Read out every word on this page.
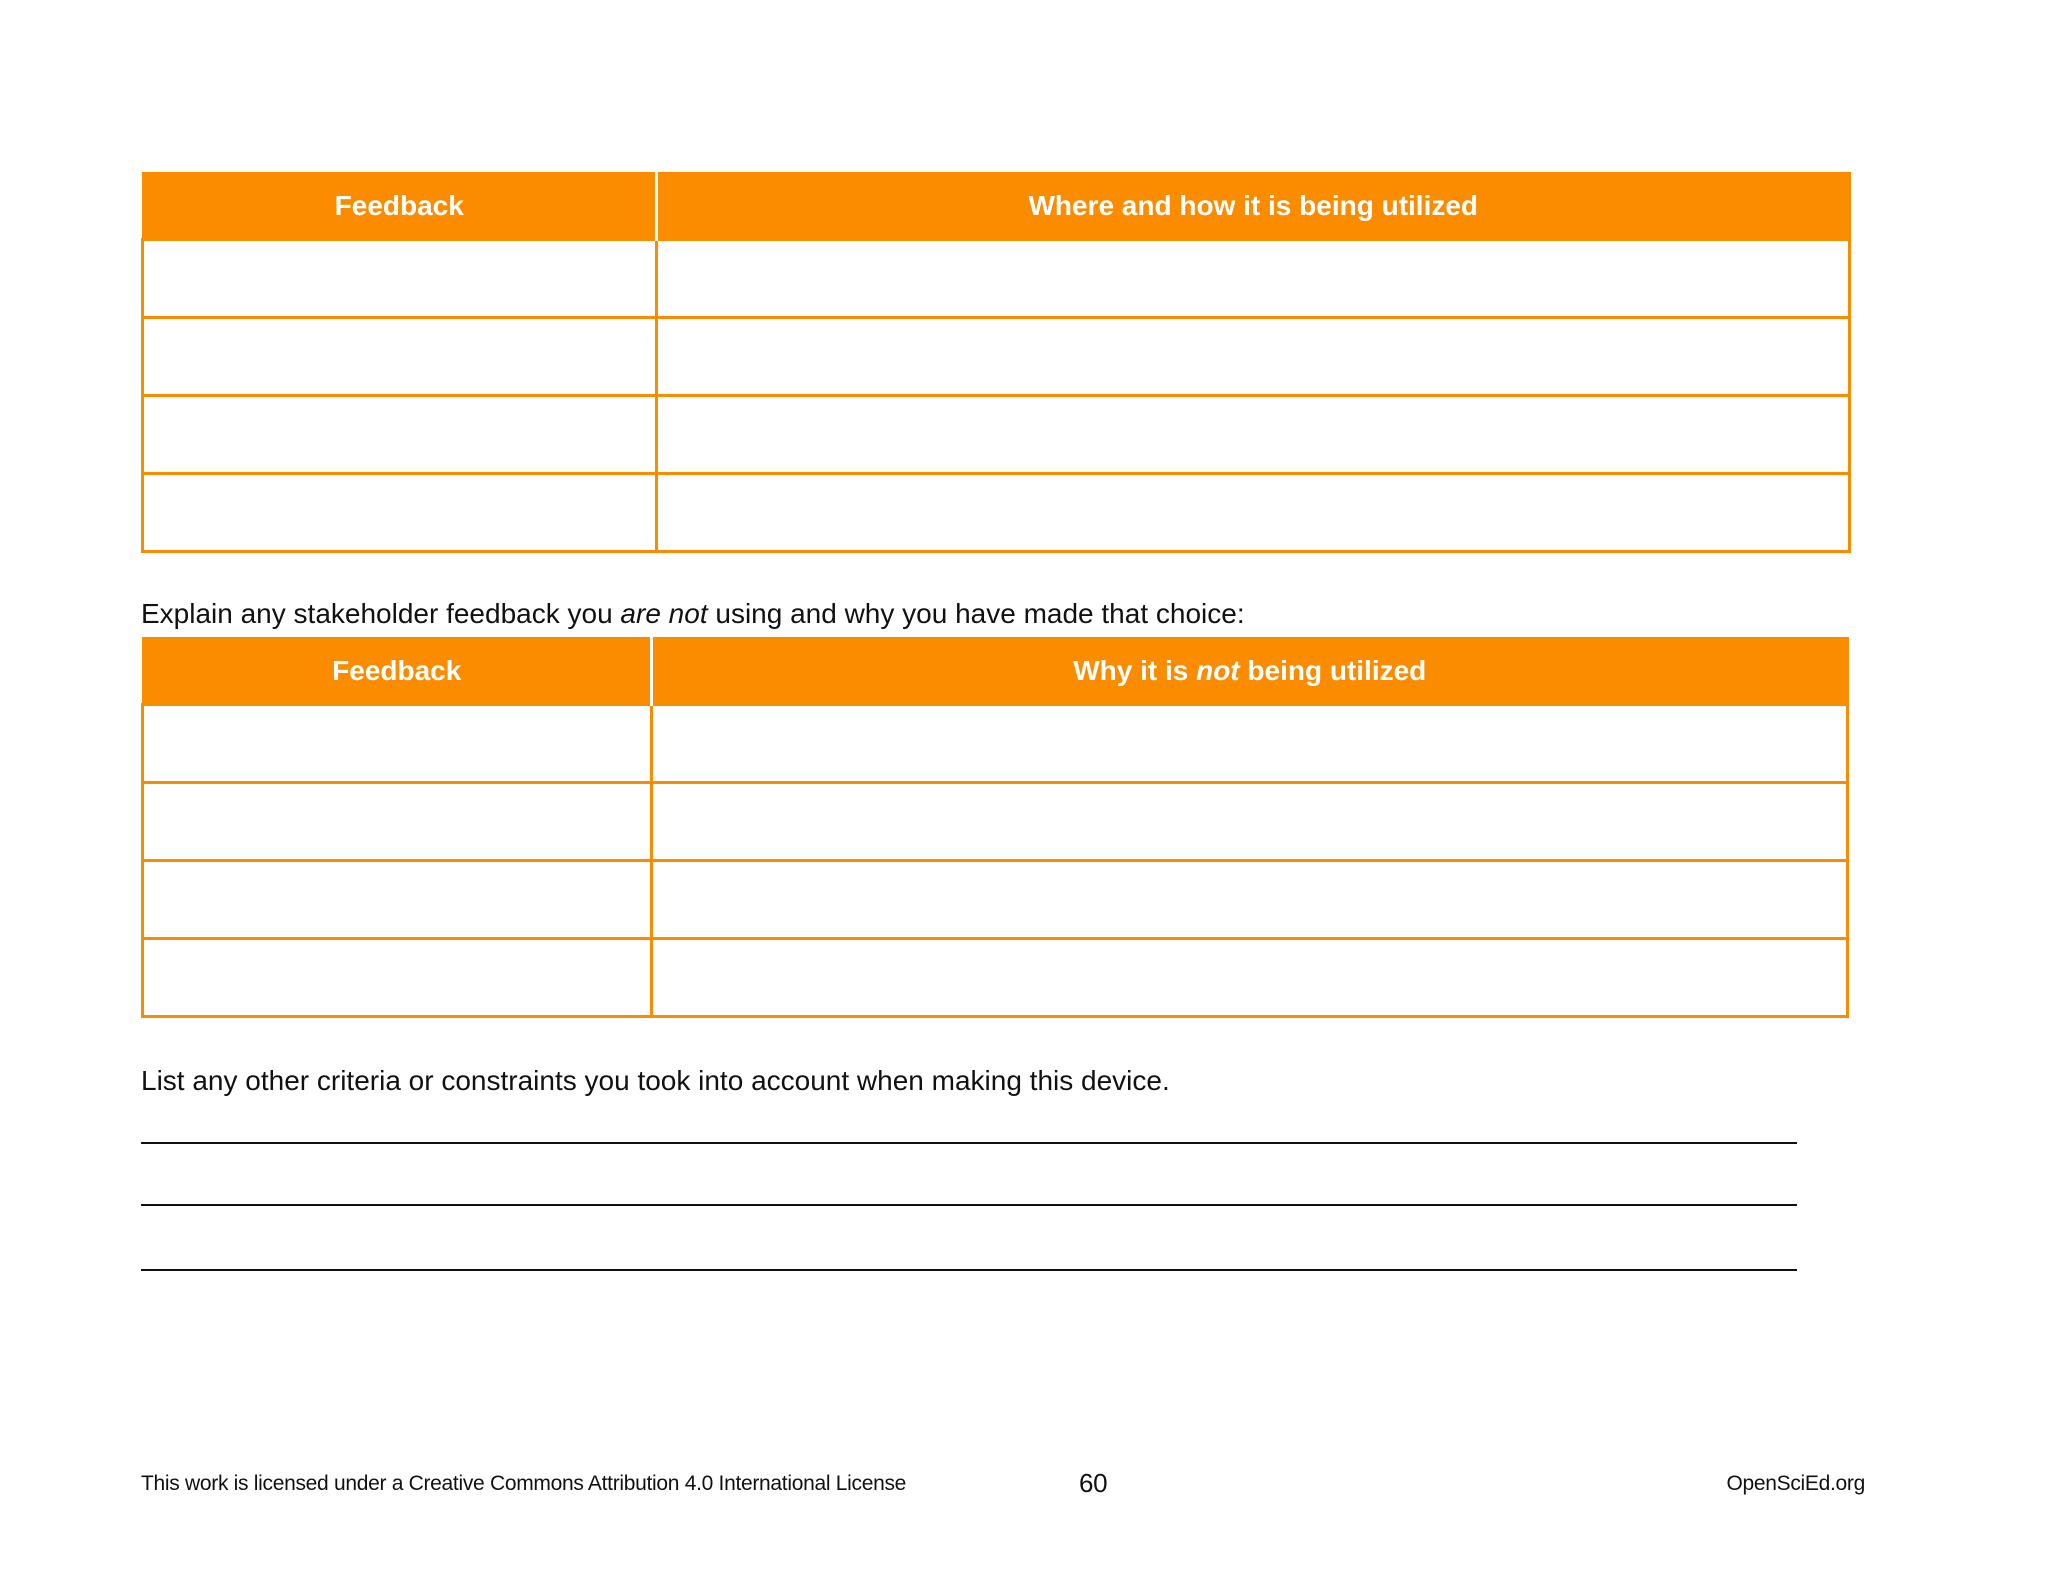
Feedback	Where and how it is being utilized

Explain any stakeholder feedback you are not using and why you have made that choice:

Feedback	Why it is not being utilized

List any other criteria or constraints you took into account when making this device.

This work is licensed under a Creative Commons Attribution 4.0 International License	60	OpenSciEd.org
